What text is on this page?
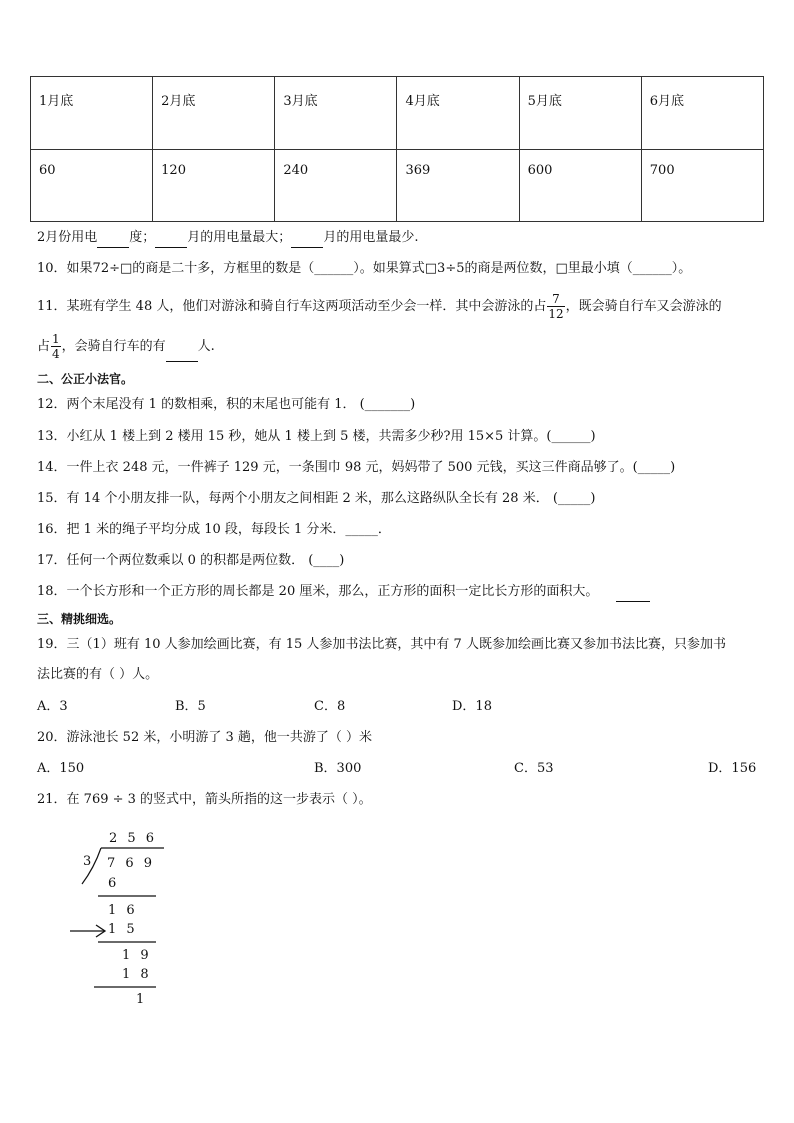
1月底	2月底	3月底	4月底	5月底	6月底
60	120	240	369	600	700
2月份用电 度； 月的用电量最大； 月的用电量最少.
10．如果72÷□的商是二十多，方框里的数是（______）。如果算式□3÷5的商是两位数，□里最小填（______）。
11．某班有学生 48 人，他们对游泳和骑自行车这两项活动至少会一样．其中会游泳的占 $\frac{7}{12}$ ，既会骑自行车又会游泳的
占 $\frac{1}{4}$ ，会骑自行车的有 人.
二、公正小法官。
12．两个末尾没有 1 的数相乘，积的末尾也可能有 1． (_______)
13．小红从 1 楼上到 2 楼用 15 秒，她从 1 楼上到 5 楼，共需多少秒?用 15×5 计算。(______)
14．一件上衣 248 元，一件裤子 129 元，一条围巾 98 元，妈妈带了 500 元钱，买这三件商品够了。(_____)
15．有 14 个小朋友排一队，每两个小朋友之间相距 2 米，那么这路纵队全长有 28 米． (_____)
16．把 1 米的绳子平均分成 10 段，每段长 1 分米．_____．
17．任何一个两位数乘以 0 的积都是两位数． (____)
18．一个长方形和一个正方形的周长都是 20 厘米，那么，正方形的面积一定比长方形的面积大。
三、精挑细选。
19．三（1）班有 10 人参加绘画比赛，有 15 人参加书法比赛，其中有 7 人既参加绘画比赛又参加书法比赛，只参加书
法比赛的有（ ）人。
A．3	B．5	C．8	D．18
20．游泳池长 52 米，小明游了 3 趟，他一共游了（ ）米
A．150	B．300	C．53	D．156
21．在 769 ÷ 3 的竖式中，箭头所指的这一步表示（ ）。
2 5 6
3 7 6 9
6
1 6
1 5
1 9
1 8
1
